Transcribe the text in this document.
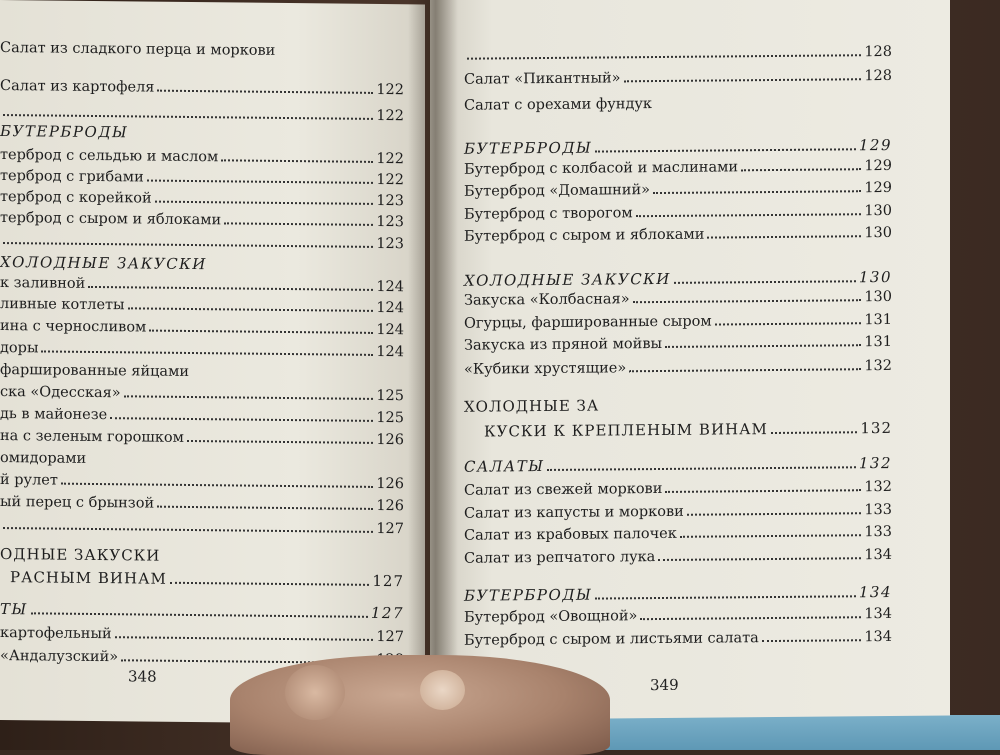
348
Салат из сладкого перца и моркови
Салат из картофеля	122
122
БУТЕРБРОДЫ
терброд с сельдью и маслом	122
терброд с грибами	122
терброд с корейкой	123
терброд с сыром и яблоками	123
123
ХОЛОДНЫЕ ЗАКУСКИ
к заливной	124
ливные котлеты	124
ина с черносливом	124
доры	124
фаршированные яйцами
ска «Одесская»	125
дь в майонезе	125
на с зеленым горошком	126
омидорами
й рулет	126
ый перец с брынзой	126
127
ОДНЫЕ ЗАКУСКИ
РАСНЫМ ВИНАМ	127
ТЫ	127
картофельный	127
«Андалузский»
349
128
Салат «Пикантный»	128
Салат с орехами фундук
БУТЕРБРОДЫ	129
Бутерброд с колбасой и маслинами	129
Бутерброд «Домашний»	129
Бутерброд с творогом	130
Бутерброд с сыром и яблоками	130
ХОЛОДНЫЕ ЗАКУСКИ	130
Закуска «Колбасная»	130
Огурцы, фаршированные сыром	131
Закуска из пряной мойвы	131
«Кубики хрустящие»	132
ХОЛОДНЫЕ ЗА
КУСКИ К КРЕПЛЕНЫМ ВИНАМ	132
САЛАТЫ	132
Салат из свежей моркови	132
Салат из капусты и моркови	133
Салат из крабовых палочек	133
Салат из репчатого лука	134
БУТЕРБРОДЫ	134
Бутерброд «Овощной»	134
Бутерброд с сыром и листьями салата	134
